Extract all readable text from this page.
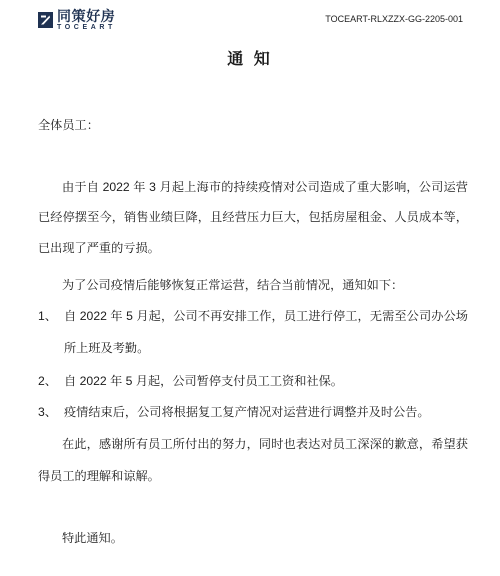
同策好房
TOCEART
TOCEART-RLXZZX-GG-2205-001
通 知
全体员工：
由于自 2022 年 3 月起上海市的持续疫情对公司造成了重大影响，公司运营
已经停摆至今，销售业绩巨降，且经营压力巨大，包括房屋租金、人员成本等，
已出现了严重的亏损。
为了公司疫情后能够恢复正常运营，结合当前情况，通知如下：
1、 自 2022 年 5 月起，公司不再安排工作，员工进行停工，无需至公司办公场
所上班及考勤。
2、 自 2022 年 5 月起，公司暂停支付员工工资和社保。
3、 疫情结束后，公司将根据复工复产情况对运营进行调整并及时公告。
在此，感谢所有员工所付出的努力，同时也表达对员工深深的歉意，希望获
得员工的理解和谅解。
特此通知。
